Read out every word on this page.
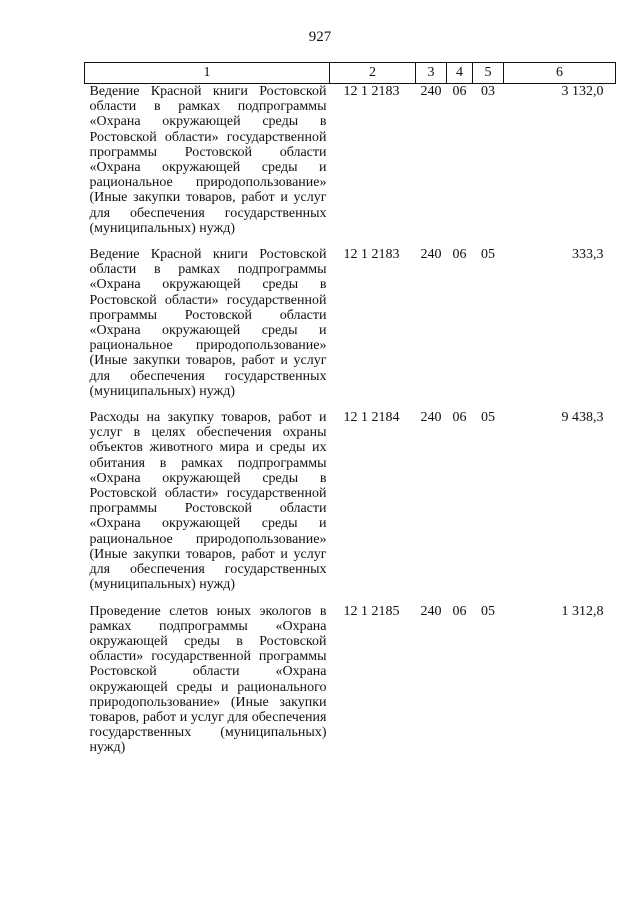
927
1	2	3	4	5	6
Ведение Красной книги Ростовской области в рамках подпрограммы «Охрана окружающей среды в Ростовской области» государственной программы Ростовской области «Охрана окружающей среды и рациональное природопользование» (Иные закупки товаров, работ и услуг для обеспечения государственных (муниципальных) нужд)	12 1 2183	240	06	03	3 132,0
Ведение Красной книги Ростовской области в рамках подпрограммы «Охрана окружающей среды в Ростовской области» государственной программы Ростовской области «Охрана окружающей среды и рациональное природопользование» (Иные закупки товаров, работ и услуг для обеспечения государственных (муниципальных) нужд)	12 1 2183	240	06	05	333,3
Расходы на закупку товаров, работ и услуг в целях обеспечения охраны объектов животного мира и среды их обитания в рамках подпрограммы «Охрана окружающей среды в Ростовской области» государственной программы Ростовской области «Охрана окружающей среды и рациональное природопользование» (Иные закупки товаров, работ и услуг для обеспечения государственных (муниципальных) нужд)	12 1 2184	240	06	05	9 438,3
Проведение слетов юных экологов в рамках подпрограммы «Охрана окружающей среды в Ростовской области» государственной программы Ростовской области «Охрана окружающей среды и рационального природопользование» (Иные закупки товаров, работ и услуг для обеспечения государственных (муниципальных) нужд)	12 1 2185	240	06	05	1 312,8
